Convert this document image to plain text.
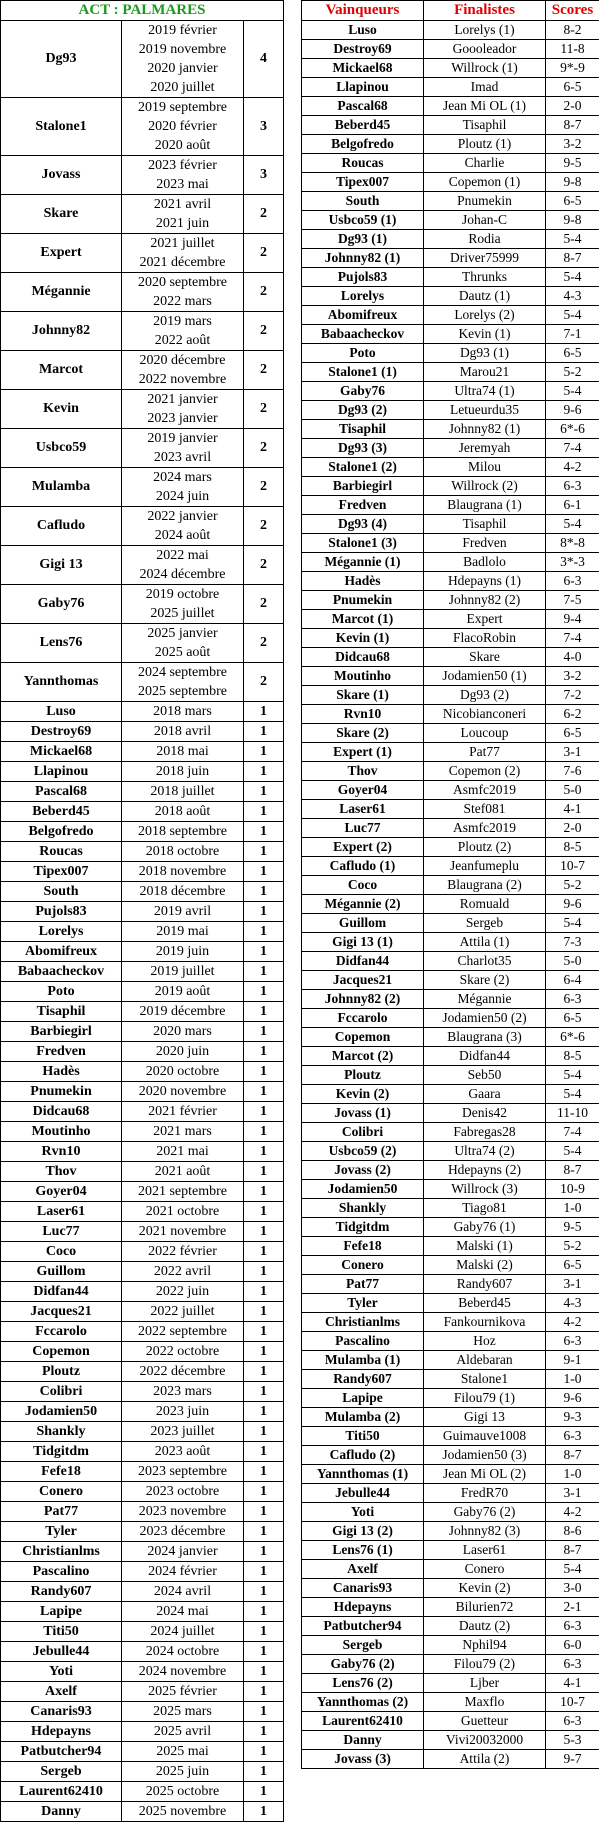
ACT : PALMARES		
Dg93	2019 février
2019 novembre
2020 janvier
2020 juillet	4
Stalone1	2019 septembre
2020 février
2020 août	3
Jovass	2023 février
2023 mai	3
Skare	2021 avril
2021 juin	2
Expert	2021 juillet
2021 décembre	2
Mégannie	2020 septembre
2022 mars	2
Johnny82	2019 mars
2022 août	2
Marcot	2020 décembre
2022 novembre	2
Kevin	2021 janvier
2023 janvier	2
Usbco59	2019 janvier
2023 avril	2
Mulamba	2024 mars
2024 juin	2
Cafludo	2022 janvier
2024 août	2
Gigi 13	2022 mai
2024 décembre	2
Gaby76	2019 octobre
2025 juillet	2
Lens76	2025 janvier
2025 août	2
Yannthomas	2024 septembre
2025 septembre	2
Luso	2018 mars	1
Destroy69	2018 avril	1
Mickael68	2018 mai	1
Llapinou	2018 juin	1
Pascal68	2018 juillet	1
Beberd45	2018 août	1
Belgofredo	2018 septembre	1
Roucas	2018 octobre	1
Tipex007	2018 novembre	1
South	2018 décembre	1
Pujols83	2019 avril	1
Lorelys	2019 mai	1
Abomifreux	2019 juin	1
Babaacheckov	2019 juillet	1
Poto	2019 août	1
Tisaphil	2019 décembre	1
Barbiegirl	2020 mars	1
Fredven	2020 juin	1
Hadès	2020 octobre	1
Pnumekin	2020 novembre	1
Didcau68	2021 février	1
Moutinho	2021 mars	1
Rvn10	2021 mai	1
Thov	2021 août	1
Goyer04	2021 septembre	1
Laser61	2021 octobre	1
Luc77	2021 novembre	1
Coco	2022 février	1
Guillom	2022 avril	1
Didfan44	2022 juin	1
Jacques21	2022 juillet	1
Fccarolo	2022 septembre	1
Copemon	2022 octobre	1
Ploutz	2022 décembre	1
Colibri	2023 mars	1
Jodamien50	2023 juin	1
Shankly	2023 juillet	1
Tidgitdm	2023 août	1
Fefe18	2023 septembre	1
Conero	2023 octobre	1
Pat77	2023 novembre	1
Tyler	2023 décembre	1
Christianlms	2024 janvier	1
Pascalino	2024 février	1
Randy607	2024 avril	1
Lapipe	2024 mai	1
Titi50	2024 juillet	1
Jebulle44	2024 octobre	1
Yoti	2024 novembre	1
Axelf	2025 février	1
Canaris93	2025 mars	1
Hdepayns	2025 avril	1
Patbutcher94	2025 mai	1
Sergeb	2025 juin	1
Laurent62410	2025 octobre	1
Danny	2025 novembre	1
Vainqueurs	Finalistes	Scores
Luso	Lorelys (1)	8-2
Destroy69	Goooleador	11-8
Mickael68	Willrock (1)	9*-9
Llapinou	Imad	6-5
Pascal68	Jean Mi OL (1)	2-0
Beberd45	Tisaphil	8-7
Belgofredo	Ploutz (1)	3-2
Roucas	Charlie	9-5
Tipex007	Copemon (1)	9-8
South	Pnumekin	6-5
Usbco59 (1)	Johan-C	9-8
Dg93 (1)	Rodia	5-4
Johnny82 (1)	Driver75999	8-7
Pujols83	Thrunks	5-4
Lorelys	Dautz (1)	4-3
Abomifreux	Lorelys (2)	5-4
Babaacheckov	Kevin (1)	7-1
Poto	Dg93 (1)	6-5
Stalone1 (1)	Marou21	5-2
Gaby76	Ultra74 (1)	5-4
Dg93 (2)	Letueurdu35	9-6
Tisaphil	Johnny82 (1)	6*-6
Dg93 (3)	Jeremyah	7-4
Stalone1 (2)	Milou	4-2
Barbiegirl	Willrock (2)	6-3
Fredven	Blaugrana (1)	6-1
Dg93 (4)	Tisaphil	5-4
Stalone1 (3)	Fredven	8*-8
Mégannie (1)	Badlolo	3*-3
Hadès	Hdepayns (1)	6-3
Pnumekin	Johnny82 (2)	7-5
Marcot (1)	Expert	9-4
Kevin (1)	FlacoRobin	7-4
Didcau68	Skare	4-0
Moutinho	Jodamien50 (1)	3-2
Skare (1)	Dg93 (2)	7-2
Rvn10	Nicobianconeri	6-2
Skare (2)	Loucoup	6-5
Expert (1)	Pat77	3-1
Thov	Copemon (2)	7-6
Goyer04	Asmfc2019	5-0
Laser61	Stef081	4-1
Luc77	Asmfc2019	2-0
Expert (2)	Ploutz (2)	8-5
Cafludo (1)	Jeanfumeplu	10-7
Coco	Blaugrana (2)	5-2
Mégannie (2)	Romuald	9-6
Guillom	Sergeb	5-4
Gigi 13 (1)	Attila (1)	7-3
Didfan44	Charlot35	5-0
Jacques21	Skare (2)	6-4
Johnny82 (2)	Mégannie	6-3
Fccarolo	Jodamien50 (2)	6-5
Copemon	Blaugrana (3)	6*-6
Marcot (2)	Didfan44	8-5
Ploutz	Seb50	5-4
Kevin (2)	Gaara	5-4
Jovass (1)	Denis42	11-10
Colibri	Fabregas28	7-4
Usbco59 (2)	Ultra74 (2)	5-4
Jovass (2)	Hdepayns (2)	8-7
Jodamien50	Willrock (3)	10-9
Shankly	Tiago81	1-0
Tidgitdm	Gaby76 (1)	9-5
Fefe18	Malski (1)	5-2
Conero	Malski (2)	6-5
Pat77	Randy607	3-1
Tyler	Beberd45	4-3
Christianlms	Fankournikova	4-2
Pascalino	Hoz	6-3
Mulamba (1)	Aldebaran	9-1
Randy607	Stalone1	1-0
Lapipe	Filou79 (1)	9-6
Mulamba (2)	Gigi 13	9-3
Titi50	Guimauve1008	6-3
Cafludo (2)	Jodamien50 (3)	8-7
Yannthomas (1)	Jean Mi OL (2)	1-0
Jebulle44	FredR70	3-1
Yoti	Gaby76 (2)	4-2
Gigi 13 (2)	Johnny82 (3)	8-6
Lens76 (1)	Laser61	8-7
Axelf	Conero	5-4
Canaris93	Kevin (2)	3-0
Hdepayns	Bilurien72	2-1
Patbutcher94	Dautz (2)	6-3
Sergeb	Nphil94	6-0
Gaby76 (2)	Filou79 (2)	6-3
Lens76 (2)	Ljber	4-1
Yannthomas (2)	Maxflo	10-7
Laurent62410	Guetteur	6-3
Danny	Vivi20032000	5-3
Jovass (3)	Attila (2)	9-7
